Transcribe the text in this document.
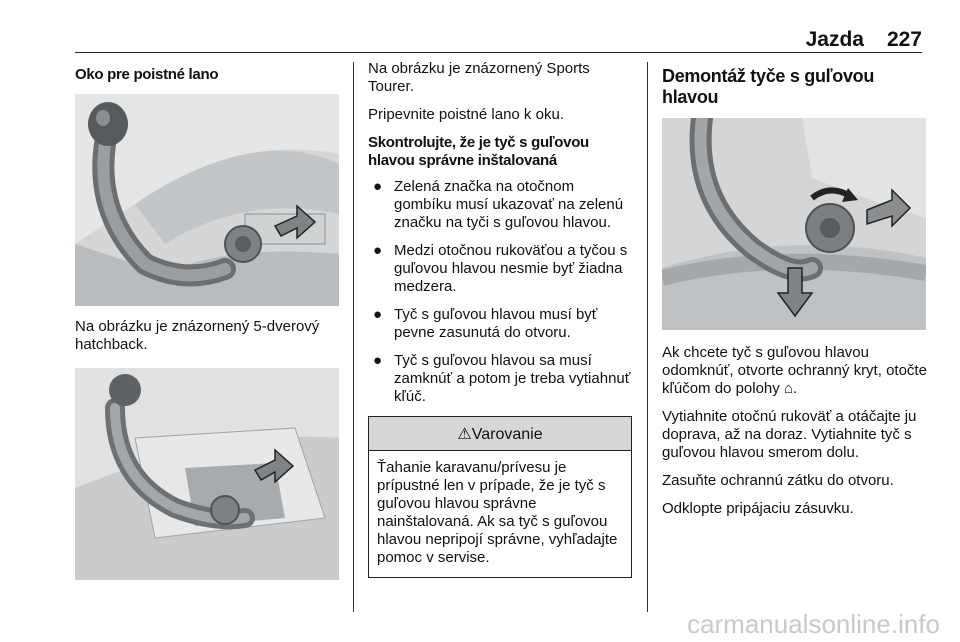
Jazda 227
Oko pre poistné lano

Na obrázku je znázornený 5-dverový hatchback.

Na obrázku je znázornený Sports Tourer.

Pripevnite poistné lano k oku.

Skontrolujte, že je tyč s guľovou hlavou správne inštalovaná
● Zelená značka na otočnom gombíku musí ukazovať na zelenú značku na tyči s guľovou hlavou.
● Medzi otočnou rukoväťou a tyčou s guľovou hlavou nesmie byť žiadna medzera.
● Tyč s guľovou hlavou musí byť pevne zasunutá do otvoru.
● Tyč s guľovou hlavou sa musí zamknúť a potom je treba vytiahnuť kľúč.
⚠Varovanie

Ťahanie karavanu/prívesu je prípustné len v prípade, že je tyč s guľovou hlavou správne nainštalovaná. Ak sa tyč s guľovou hlavou nepripojí správne, vyhľadajte pomoc v servise.

Demontáž tyče s guľovou hlavou

Ak chcete tyč s guľovou hlavou odomknúť, otvorte ochranný kryt, otočte kľúčom do polohy ⌂.

Vytiahnite otočnú rukoväť a otáčajte ju doprava, až na doraz. Vytiahnite tyč s guľovou hlavou smerom dolu.

Zasuňte ochrannú zátku do otvoru.

Odklopte pripájaciu zásuvku.

carmanualsonline.info
